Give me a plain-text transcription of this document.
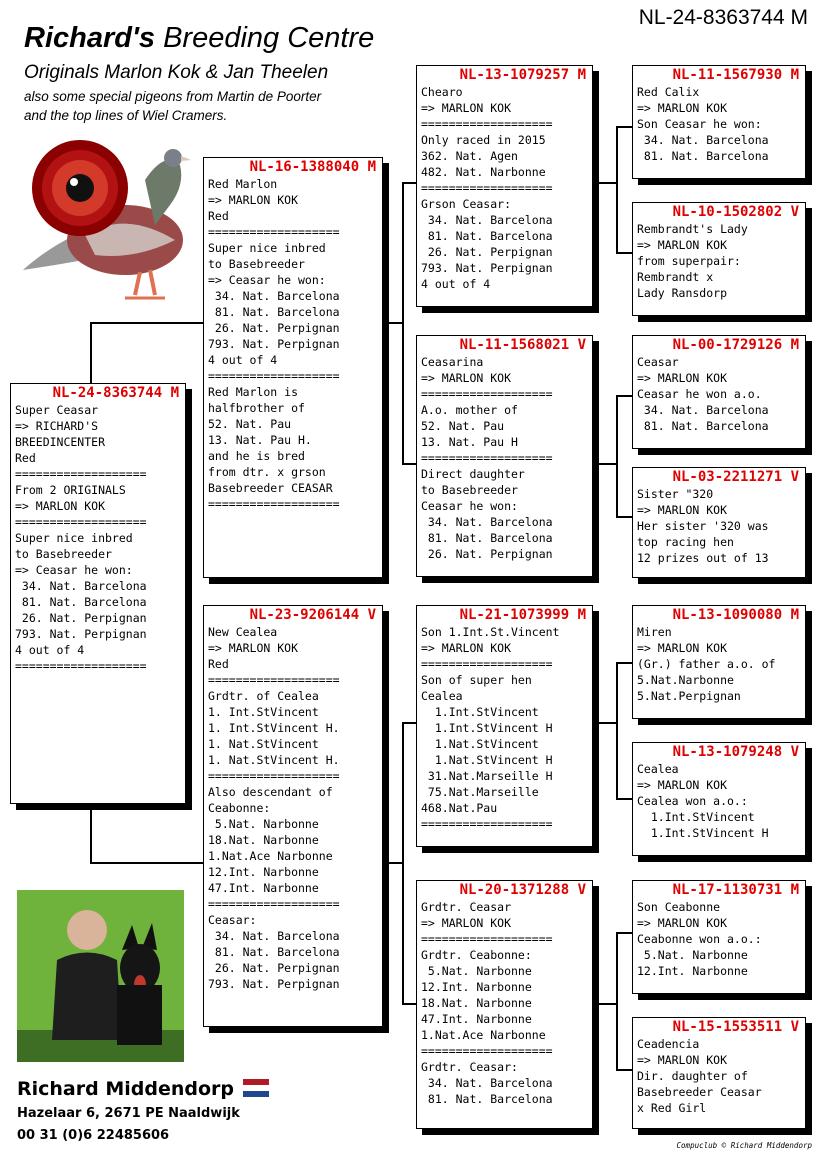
NL-24-8363744 M
Richard's Breeding Centre
Originals Marlon Kok & Jan Theelen
also some special pigeons from Martin de Poorter
and the top lines of Wiel Cramers.
NL-24-8363744 M
Super Ceasar
=> RICHARD'S
BREEDINCENTER
Red
===================
From 2 ORIGINALS
=> MARLON KOK
===================
Super nice inbred
to Basebreeder
=> Ceasar he won:
34. Nat. Barcelona
81. Nat. Barcelona
26. Nat. Perpignan
793. Nat. Perpignan
4 out of 4
===================
NL-16-1388040 M
Red Marlon
=> MARLON KOK
Red
===================
Super nice inbred
to Basebreeder
=> Ceasar he won:
34. Nat. Barcelona
81. Nat. Barcelona
26. Nat. Perpignan
793. Nat. Perpignan
4 out of 4
===================
Red Marlon is
halfbrother of
52. Nat. Pau
13. Nat. Pau H.
and he is bred
from dtr. x grson
Basebreeder CEASAR
===================
NL-23-9206144 V
New Cealea
=> MARLON KOK
Red
===================
Grdtr. of Cealea
1. Int.StVincent
1. Int.StVincent H.
1. Nat.StVincent
1. Nat.StVincent H.
===================
Also descendant of
Ceabonne:
5.Nat. Narbonne
18.Nat. Narbonne
1.Nat.Ace Narbonne
12.Int. Narbonne
47.Int. Narbonne
===================
Ceasar:
34. Nat. Barcelona
81. Nat. Barcelona
26. Nat. Perpignan
793. Nat. Perpignan
NL-13-1079257 M
Chearo
=> MARLON KOK
===================
Only raced in 2015
362. Nat. Agen
482. Nat. Narbonne
===================
Grson Ceasar:
34. Nat. Barcelona
81. Nat. Barcelona
26. Nat. Perpignan
793. Nat. Perpignan
4 out of 4
NL-11-1568021 V
Ceasarina
=> MARLON KOK
===================
A.o. mother of
52. Nat. Pau
13. Nat. Pau H
===================
Direct daughter
to Basebreeder
Ceasar he won:
34. Nat. Barcelona
81. Nat. Barcelona
26. Nat. Perpignan
NL-21-1073999 M
Son 1.Int.St.Vincent
=> MARLON KOK
===================
Son of super hen
Cealea
1.Int.StVincent
1.Int.StVincent H
1.Nat.StVincent
1.Nat.StVincent H
31.Nat.Marseille H
75.Nat.Marseille
468.Nat.Pau
===================
NL-20-1371288 V
Grdtr. Ceasar
=> MARLON KOK
===================
Grdtr. Ceabonne:
5.Nat. Narbonne
12.Int. Narbonne
18.Nat. Narbonne
47.Int. Narbonne
1.Nat.Ace Narbonne
===================
Grdtr. Ceasar:
34. Nat. Barcelona
81. Nat. Barcelona
NL-11-1567930 M
Red Calix
=> MARLON KOK
Son Ceasar he won:
34. Nat. Barcelona
81. Nat. Barcelona
NL-10-1502802 V
Rembrandt's Lady
=> MARLON KOK
from superpair:
Rembrandt x
Lady Ransdorp
NL-00-1729126 M
Ceasar
=> MARLON KOK
Ceasar he won a.o.
34. Nat. Barcelona
81. Nat. Barcelona
NL-03-2211271 V
Sister "320
=> MARLON KOK
Her sister '320 was
top racing hen
12 prizes out of 13
NL-13-1090080 M
Miren
=> MARLON KOK
(Gr.) father a.o. of
5.Nat.Narbonne
5.Nat.Perpignan
NL-13-1079248 V
Cealea
=> MARLON KOK
Cealea won a.o.:
1.Int.StVincent
1.Int.StVincent H
NL-17-1130731 M
Son Ceabonne
=> MARLON KOK
Ceabonne won a.o.:
5.Nat. Narbonne
12.Int. Narbonne
NL-15-1553511 V
Ceadencia
=> MARLON KOK
Dir. daughter of
Basebreeder Ceasar
x Red Girl
Richard Middendorp
Hazelaar 6, 2671 PE Naaldwijk
00 31 (0)6 22485606
Compuclub © Richard Middendorp
